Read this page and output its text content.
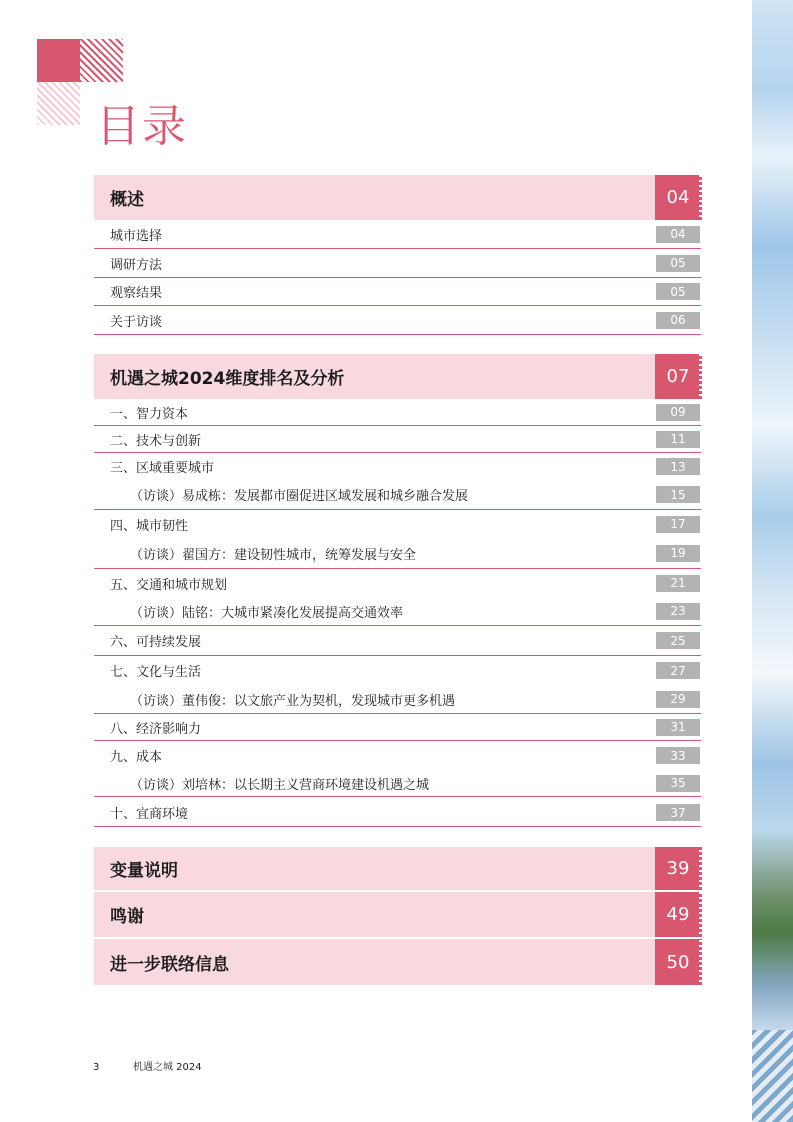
目录
概述	04
城市选择	04
调研方法	05
观察结果	05
关于访谈	06
机遇之城2024维度排名及分析	07
一、智力资本	09
二、技术与创新	11
三、区域重要城市	13
（访谈）易成栋：发展都市圈促进区域发展和城乡融合发展	15
四、城市韧性	17
（访谈）翟国方：建设韧性城市，统筹发展与安全	19
五、交通和城市规划	21
（访谈）陆铭：大城市紧凑化发展提高交通效率	23
六、可持续发展	25
七、文化与生活	27
（访谈）董伟俊：以文旅产业为契机，发现城市更多机遇	29
八、经济影响力	31
九、成本	33
（访谈）刘培林：以长期主义营商环境建设机遇之城	35
十、宜商环境	37
变量说明	39
鸣谢	49
进一步联络信息	50
3	机遇之城 2024
